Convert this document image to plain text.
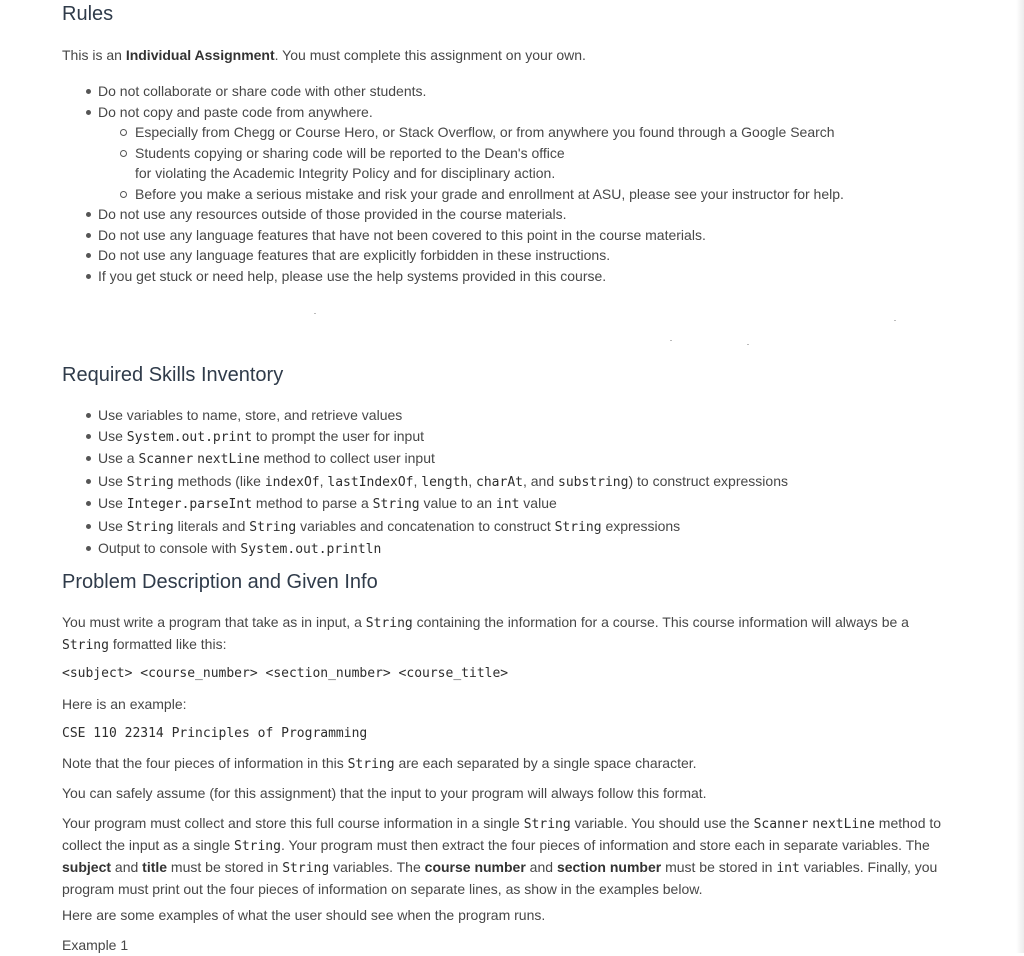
Rules

This is an Individual Assignment. You must complete this assignment on your own.

Do not collaborate or share code with other students.
Do not copy and paste code from anywhere.
Especially from Chegg or Course Hero, or Stack Overflow, or from anywhere you found through a Google Search
Students copying or sharing code will be reported to the Dean's office
for violating the Academic Integrity Policy and for disciplinary action.
Before you make a serious mistake and risk your grade and enrollment at ASU, please see your instructor for help.
Do not use any resources outside of those provided in the course materials.
Do not use any language features that have not been covered to this point in the course materials.
Do not use any language features that are explicitly forbidden in these instructions.
If you get stuck or need help, please use the help systems provided in this course.
Required Skills Inventory
Use variables to name, store, and retrieve values
Use System.out.print to prompt the user for input
Use a Scanner nextLine method to collect user input
Use String methods (like indexOf, lastIndexOf, length, charAt, and substring) to construct expressions
Use Integer.parseInt method to parse a String value to an int value
Use String literals and String variables and concatenation to construct String expressions
Output to console with System.out.println
Problem Description and Given Info

You must write a program that take as in input, a String containing the information for a course. This course information will always be a String formatted like this:

<subject> <course_number> <section_number> <course_title>

Here is an example:

CSE 110 22314 Principles of Programming

Note that the four pieces of information in this String are each separated by a single space character.

You can safely assume (for this assignment) that the input to your program will always follow this format.

Your program must collect and store this full course information in a single String variable. You should use the Scanner nextLine method to collect the input as a single String. Your program must then extract the four pieces of information and store each in separate variables. The subject and title must be stored in String variables. The course number and section number must be stored in int variables. Finally, you program must print out the four pieces of information on separate lines, as show in the examples below.

Here are some examples of what the user should see when the program runs.

Example 1
